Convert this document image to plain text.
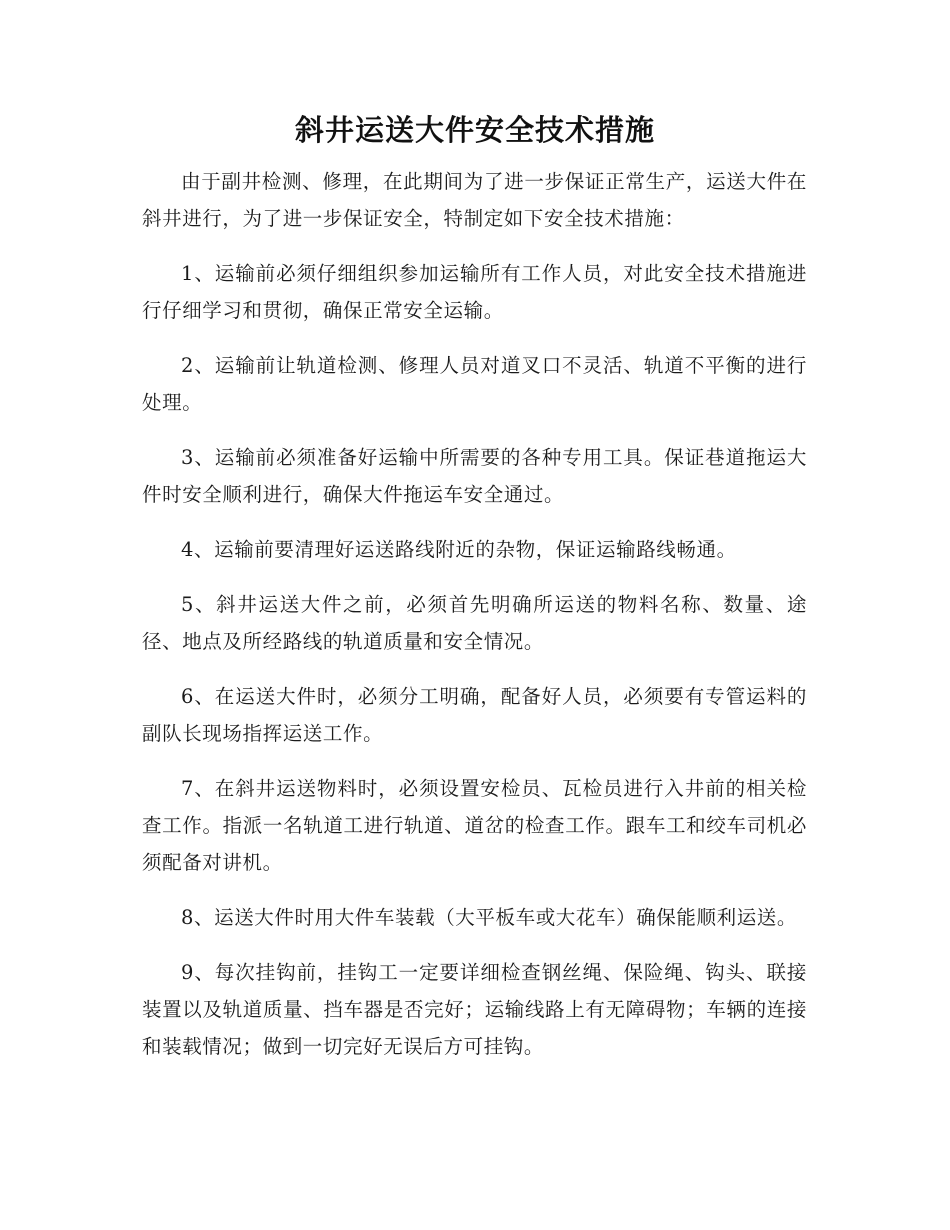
斜井运送大件安全技术措施

由于副井检测、修理，在此期间为了进一步保证正常生产，运送大件在斜井进行，为了进一步保证安全，特制定如下安全技术措施：

1、运输前必须仔细组织参加运输所有工作人员，对此安全技术措施进行仔细学习和贯彻，确保正常安全运输。

2、运输前让轨道检测、修理人员对道叉口不灵活、轨道不平衡的进行处理。

3、运输前必须准备好运输中所需要的各种专用工具。保证巷道拖运大件时安全顺利进行，确保大件拖运车安全通过。

4、运输前要清理好运送路线附近的杂物，保证运输路线畅通。

5、斜井运送大件之前，必须首先明确所运送的物料名称、数量、途径、地点及所经路线的轨道质量和安全情况。

6、在运送大件时，必须分工明确，配备好人员，必须要有专管运料的副队长现场指挥运送工作。

7、在斜井运送物料时，必须设置安检员、瓦检员进行入井前的相关检查工作。指派一名轨道工进行轨道、道岔的检查工作。跟车工和绞车司机必须配备对讲机。

8、运送大件时用大件车装载（大平板车或大花车）确保能顺利运送。

9、每次挂钩前，挂钩工一定要详细检查钢丝绳、保险绳、钩头、联接装置以及轨道质量、挡车器是否完好；运输线路上有无障碍物；车辆的连接和装载情况；做到一切完好无误后方可挂钩。
